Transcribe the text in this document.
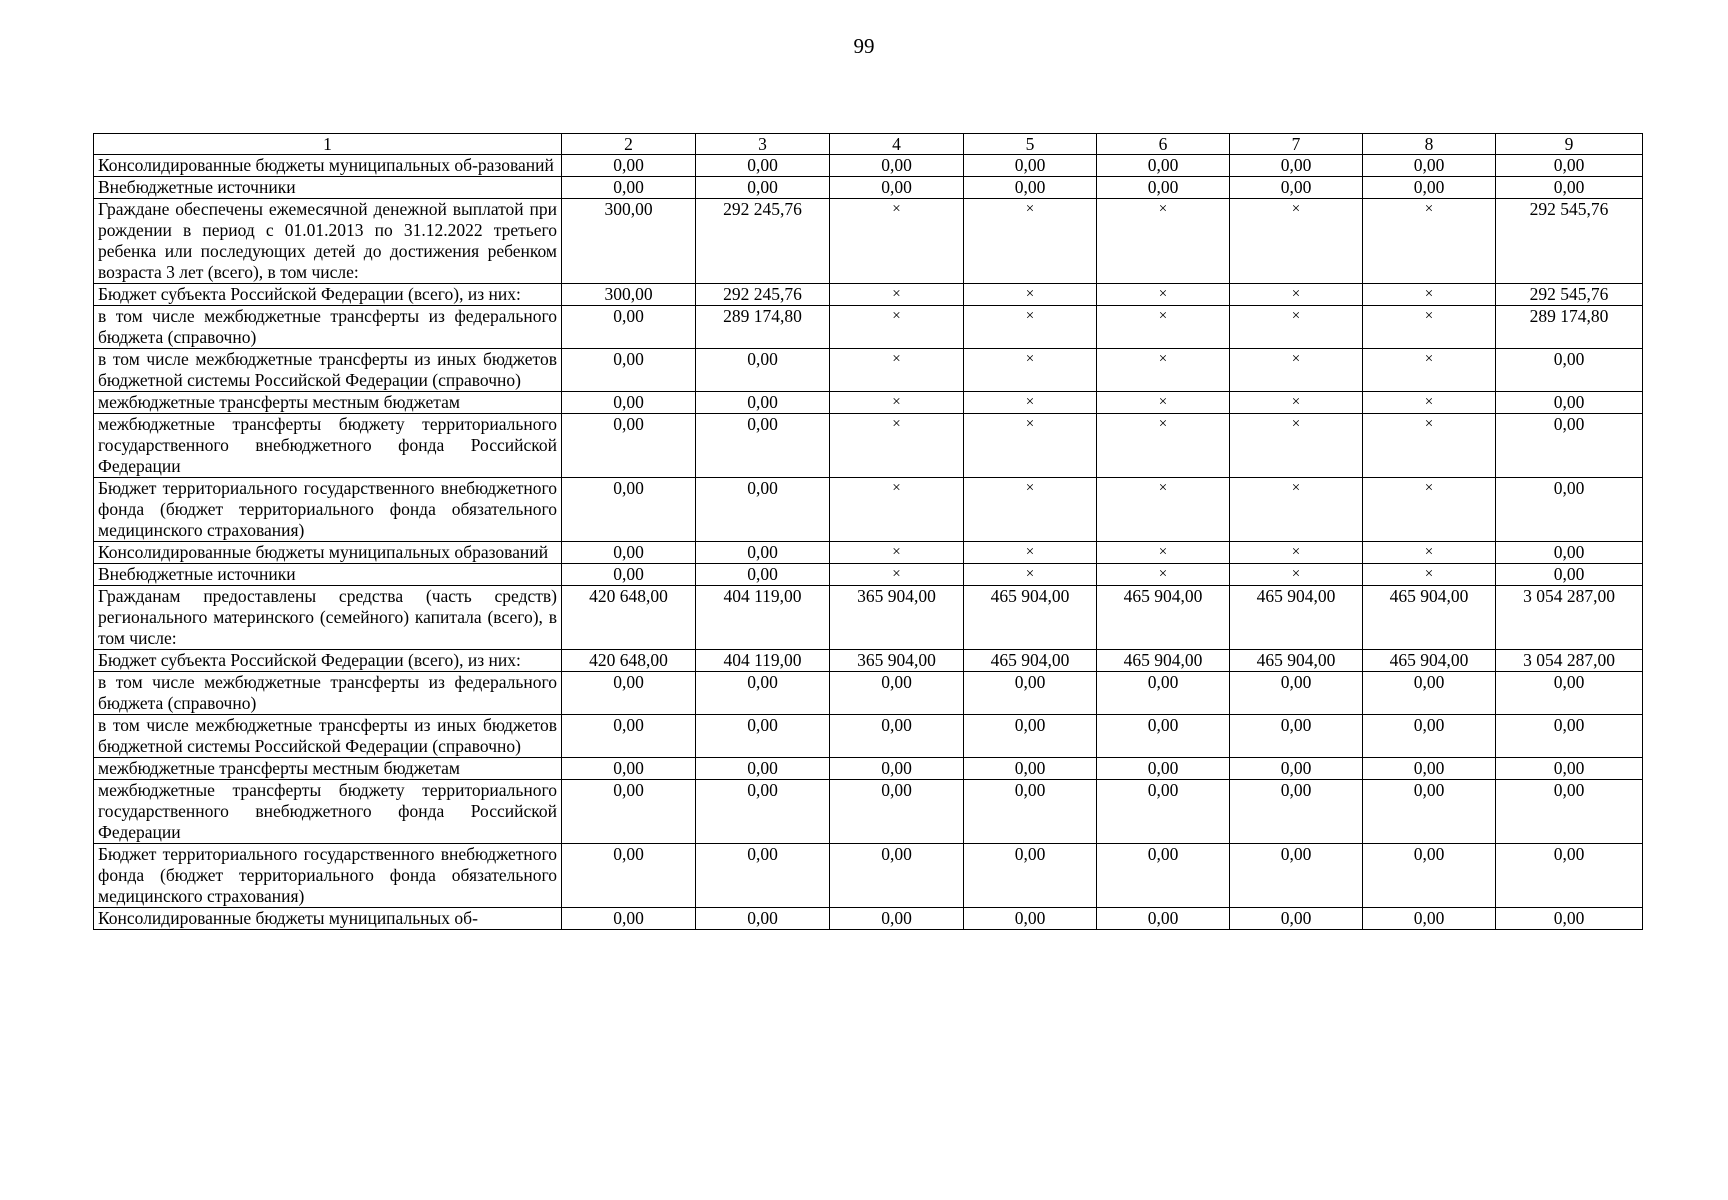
99
1	2	3	4	5	6	7	8	9
Консолидированные бюджеты муниципальных об-разований	0,00	0,00	0,00	0,00	0,00	0,00	0,00	0,00
Внебюджетные источники	0,00	0,00	0,00	0,00	0,00	0,00	0,00	0,00
Граждане обеспечены ежемесячной денежной выплатой при рождении в период с 01.01.2013 по 31.12.2022 третьего ребенка или последующих детей до достижения ребенком возраста 3 лет (всего), в том числе:	300,00	292 245,76	×	×	×	×	×	292 545,76
Бюджет субъекта Российской Федерации (всего), из них:	300,00	292 245,76	×	×	×	×	×	292 545,76
в том числе межбюджетные трансферты из федерального бюджета (справочно)	0,00	289 174,80	×	×	×	×	×	289 174,80
в том числе межбюджетные трансферты из иных бюджетов бюджетной системы Российской Федерации (справочно)	0,00	0,00	×	×	×	×	×	0,00
межбюджетные трансферты местным бюджетам	0,00	0,00	×	×	×	×	×	0,00
межбюджетные трансферты бюджету территориального государственного внебюджетного фонда Российской Федерации	0,00	0,00	×	×	×	×	×	0,00
Бюджет территориального государственного внебюджетного фонда (бюджет территориального фонда обязательного медицинского страхования)	0,00	0,00	×	×	×	×	×	0,00
Консолидированные бюджеты муниципальных образований	0,00	0,00	×	×	×	×	×	0,00
Внебюджетные источники	0,00	0,00	×	×	×	×	×	0,00
Гражданам предоставлены средства (часть средств) регионального материнского (семейного) капитала (всего), в том числе:	420 648,00	404 119,00	365 904,00	465 904,00	465 904,00	465 904,00	465 904,00	3 054 287,00
Бюджет субъекта Российской Федерации (всего), из них:	420 648,00	404 119,00	365 904,00	465 904,00	465 904,00	465 904,00	465 904,00	3 054 287,00
в том числе межбюджетные трансферты из федерального бюджета (справочно)	0,00	0,00	0,00	0,00	0,00	0,00	0,00	0,00
в том числе межбюджетные трансферты из иных бюджетов бюджетной системы Российской Федерации (справочно)	0,00	0,00	0,00	0,00	0,00	0,00	0,00	0,00
межбюджетные трансферты местным бюджетам	0,00	0,00	0,00	0,00	0,00	0,00	0,00	0,00
межбюджетные трансферты бюджету территориального государственного внебюджетного фонда Российской Федерации	0,00	0,00	0,00	0,00	0,00	0,00	0,00	0,00
Бюджет территориального государственного внебюджетного фонда (бюджет территориального фонда обязательного медицинского страхования)	0,00	0,00	0,00	0,00	0,00	0,00	0,00	0,00
Консолидированные бюджеты муниципальных об-	0,00	0,00	0,00	0,00	0,00	0,00	0,00	0,00
